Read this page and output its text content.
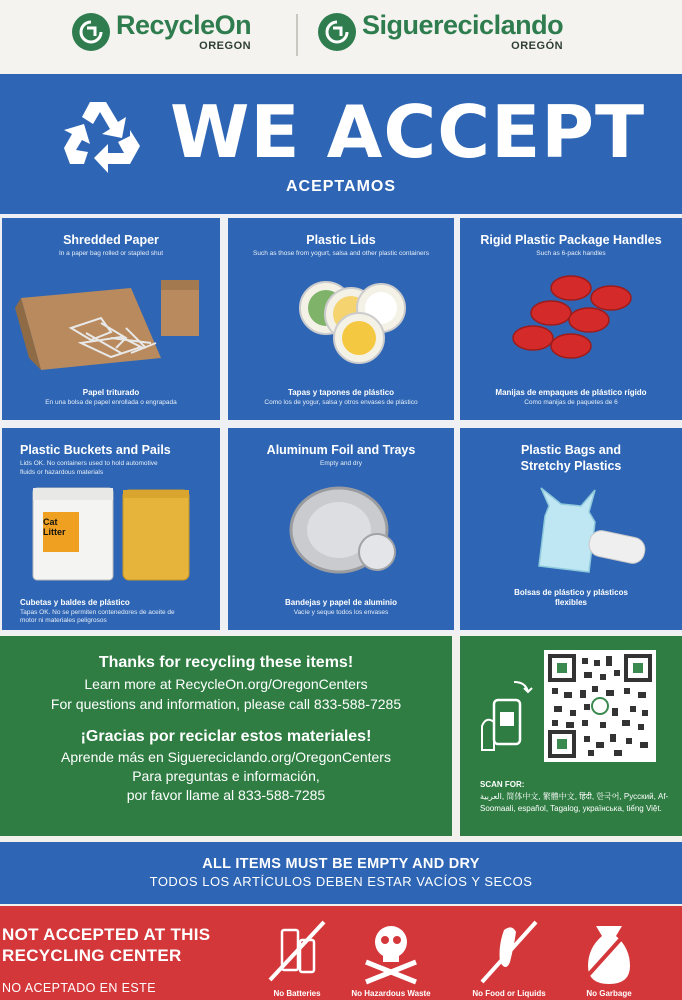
RecycleOn
OREGON
Siguereciclando
OREGÓN
WE ACCEPT
ACEPTAMOS
Shredded Paper
In a paper bag rolled or stapled shut
Papel triturado
En una bolsa de papel enrollada o engrapada
Plastic Lids
Such as those from yogurt, salsa and other plastic containers
Tapas y tapones de plástico
Como los de yogur, salsa y otros envases de plástico
Rigid Plastic Package Handles
Such as 6-pack handles
Manijas de empaques de plástico rígido
Como manijas de paquetes de 6
Plastic Buckets and Pails
Lids OK. No containers used to hold automotive fluids or hazardous materials
Cat Litter
Cubetas y baldes de plástico
Tapas OK. No se permiten contenedores de aceite de motor ni materiales peligrosos
Aluminum Foil and Trays
Empty and dry
Bandejas y papel de aluminio
Vacíe y seque todos los envases
Plastic Bags and Stretchy Plastics
Bolsas de plástico y plásticos flexibles
Thanks for recycling these items!
Learn more at RecycleOn.org/OregonCenters
For questions and information, please call 833-588-7285
¡Gracias por reciclar estos materiales!
Aprende más en Siguereciclando.org/OregonCenters
Para preguntas e información,
por favor llame al 833-588-7285
SCAN FOR:
العربية, 简体中文, 繁體中文, हिंदी, 한국어, Русский, Af-Soomaali, español, Tagalog, українська, tiếng Việt.
ALL ITEMS MUST BE EMPTY AND DRY
TODOS LOS ARTÍCULOS DEBEN ESTAR VACÍOS Y SECOS
NOT ACCEPTED AT THIS
RECYCLING CENTER
NO ACEPTADO EN ESTE	No Batteries	No Hazardous Waste	No Food or Liquids	No Garbage
